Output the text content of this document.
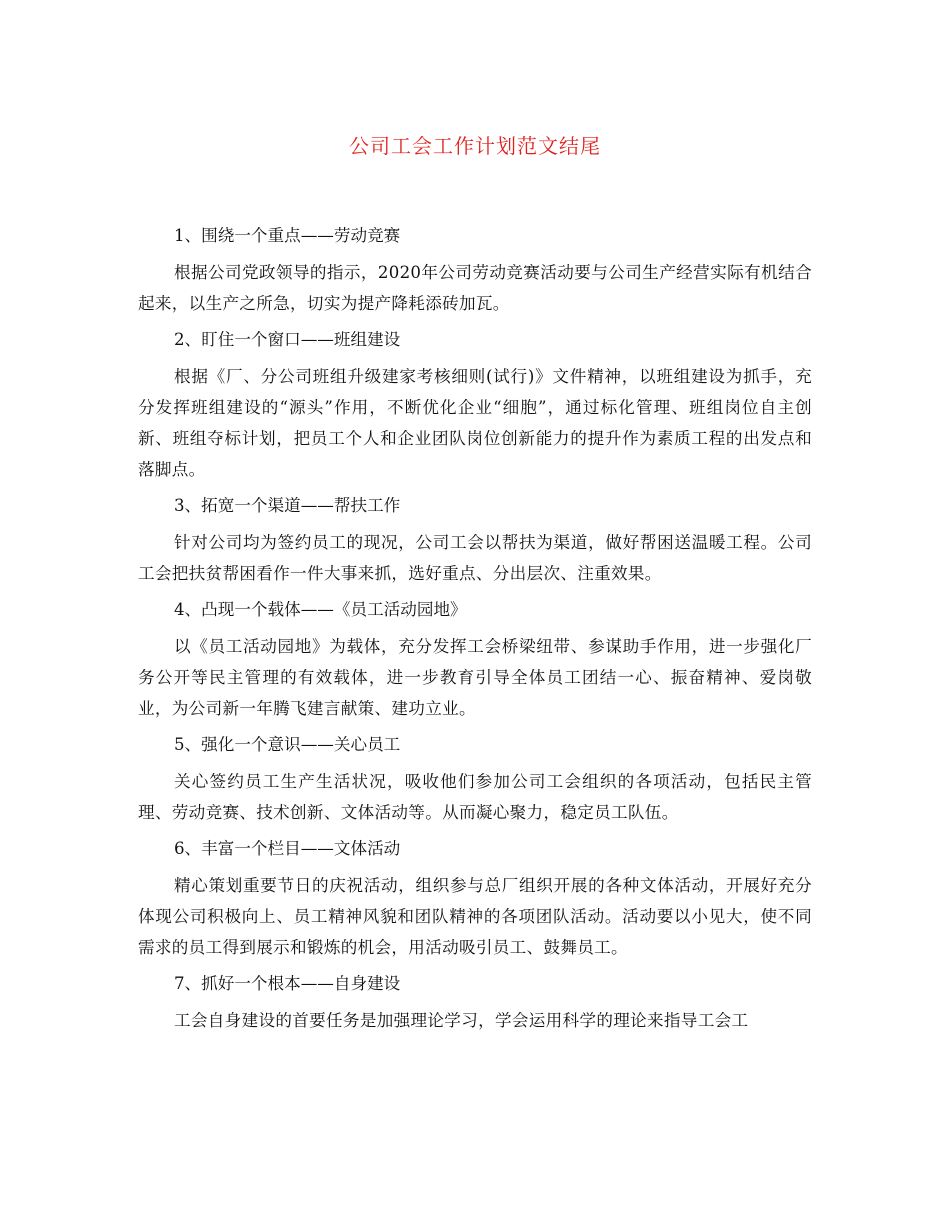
公司工会工作计划范文结尾

1、围绕一个重点——劳动竞赛

根据公司党政领导的指示，2020年公司劳动竞赛活动要与公司生产经营实际有机结合起来，以生产之所急，切实为提产降耗添砖加瓦。

2、盯住一个窗口——班组建设

根据《厂、分公司班组升级建家考核细则(试行)》文件精神，以班组建设为抓手，充分发挥班组建设的“源头”作用，不断优化企业“细胞”，通过标化管理、班组岗位自主创新、班组夺标计划，把员工个人和企业团队岗位创新能力的提升作为素质工程的出发点和落脚点。

3、拓宽一个渠道——帮扶工作

针对公司均为签约员工的现况，公司工会以帮扶为渠道，做好帮困送温暖工程。公司工会把扶贫帮困看作一件大事来抓，选好重点、分出层次、注重效果。

4、凸现一个载体——《员工活动园地》

以《员工活动园地》为载体，充分发挥工会桥梁纽带、参谋助手作用，进一步强化厂务公开等民主管理的有效载体，进一步教育引导全体员工团结一心、振奋精神、爱岗敬业，为公司新一年腾飞建言献策、建功立业。

5、强化一个意识——关心员工

关心签约员工生产生活状况，吸收他们参加公司工会组织的各项活动，包括民主管理、劳动竞赛、技术创新、文体活动等。从而凝心聚力，稳定员工队伍。

6、丰富一个栏目——文体活动

精心策划重要节日的庆祝活动，组织参与总厂组织开展的各种文体活动，开展好充分体现公司积极向上、员工精神风貌和团队精神的各项团队活动。活动要以小见大，使不同需求的员工得到展示和锻炼的机会，用活动吸引员工、鼓舞员工。

7、抓好一个根本——自身建设

工会自身建设的首要任务是加强理论学习，学会运用科学的理论来指导工会工
